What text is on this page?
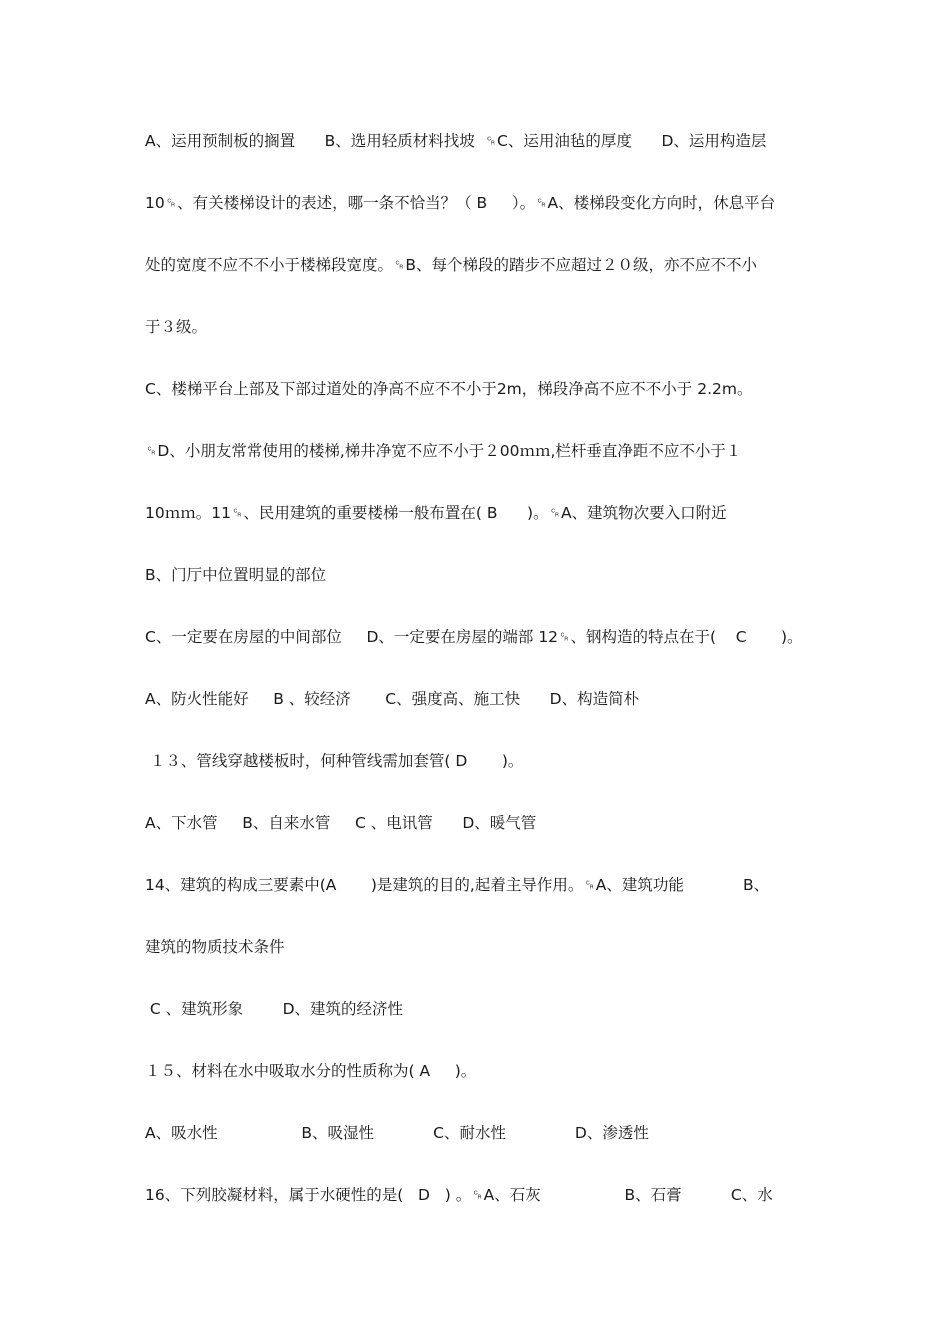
A、运用预制板的搁置      B、选用轻质材料找坡  ␍C、运用油毡的厚度      D、运用构造层
10␍、有关楼梯设计的表述，哪一条不恰当？（ B     ）。␍A、楼梯段变化方向时，休息平台
处的宽度不应不不小于楼梯段宽度。␍B、每个梯段的踏步不应超过２０级，亦不应不不小
于３级。
C、楼梯平台上部及下部过道处的净高不应不不小于2m，梯段净高不应不不小于 2.2m。
␍D、小朋友常常使用的楼梯,梯井净宽不应不小于２00ｍｍ,栏杆垂直净距不应不小于１
10ｍｍ。11␍、民用建筑的重要楼梯一般布置在( B      )。␍A、建筑物次要入口附近
B、门厅中位置明显的部位
C、一定要在房屋的中间部位     D、一定要在房屋的端部 12␍、钢构造的特点在于(    C       )。
A、防火性能好     B 、较经济       C、强度高、施工快      D、构造简朴
１３、管线穿越楼板时，何种管线需加套管( D       )。
A、下水管     B、自来水管     C 、电讯管      D、暖气管
14、建筑的构成三要素中(A       )是建筑的目的,起着主导作用。␍A、建筑功能            B、
建筑的物质技术条件
C 、建筑形象        D、建筑的经济性
１５、材料在水中吸取水分的性质称为( A     )。
A、吸水性                 B、吸湿性            C、耐水性              D、渗透性
16、下列胶凝材料，属于水硬性的是(   D   ) 。␍A、石灰                 B、石膏          C、水
